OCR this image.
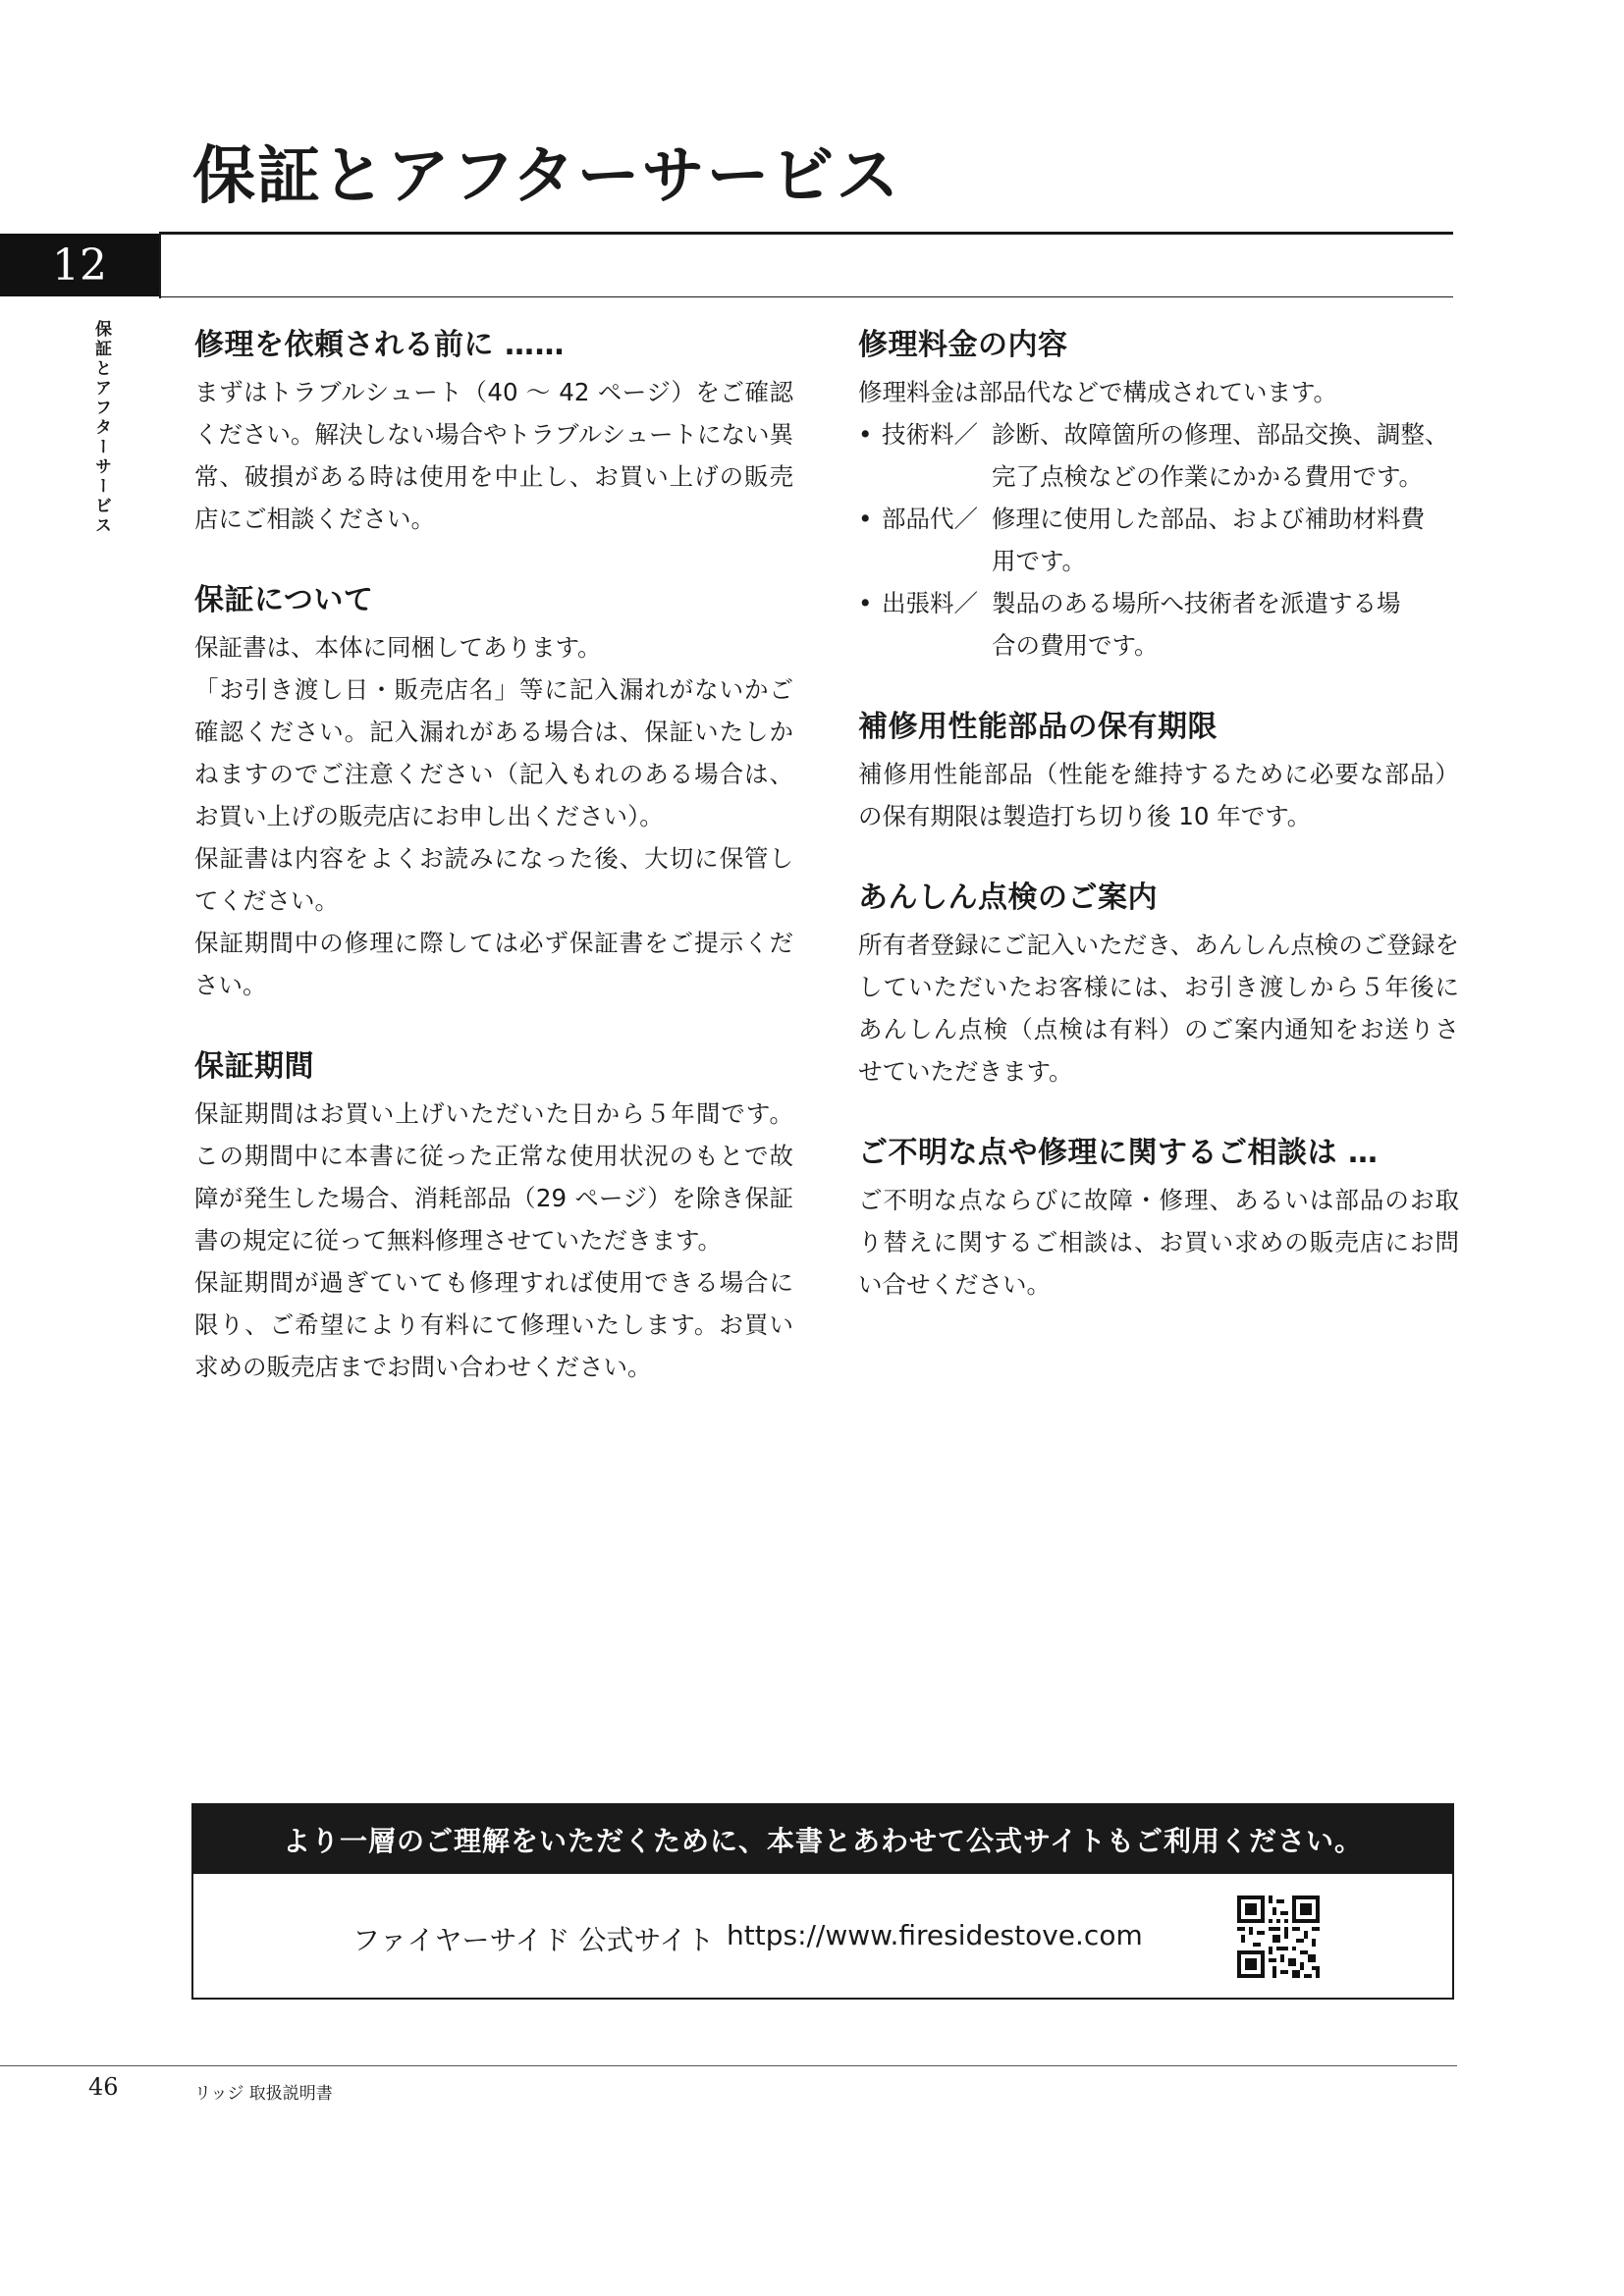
保証とアフターサービス
12
保証とアフターサービス	修理を依頼される前に ……

まずはトラブルシュート（40 ～ 42 ページ）をご確認ください。解決しない場合やトラブルシュートにない異常、破損がある時は使用を中止し、お買い上げの販売店にご相談ください。

保証について

保証書は、本体に同梱してあります。

「お引き渡し日・販売店名」等に記入漏れがないかご確認ください。記入漏れがある場合は、保証いたしかねますのでご注意ください（記入もれのある場合は、お買い上げの販売店にお申し出ください）。

保証書は内容をよくお読みになった後、大切に保管してください。

保証期間中の修理に際しては必ず保証書をご提示ください。

保証期間

保証期間はお買い上げいただいた日から５年間です。この期間中に本書に従った正常な使用状況のもとで故障が発生した場合、消耗部品（29 ページ）を除き保証書の規定に従って無料修理させていただきます。

保証期間が過ぎていても修理すれば使用できる場合に限り、ご希望により有料にて修理いたします。お買い求めの販売店までお問い合わせください。

修理料金の内容

修理料金は部品代などで構成されています。

• 技術料／ 診断、故障箇所の修理、部品交換、調整、
完了点検などの作業にかかる費用です。
• 部品代／ 修理に使用した部品、および補助材料費
用です。
• 出張料／ 製品のある場所へ技術者を派遣する場
合の費用です。
補修用性能部品の保有期限

補修用性能部品（性能を維持するために必要な部品）の保有期限は製造打ち切り後 10 年です。

あんしん点検のご案内

所有者登録にご記入いただき、あんしん点検のご登録をしていただいたお客様には、お引き渡しから５年後にあんしん点検（点検は有料）のご案内通知をお送りさせていただきます。

ご不明な点や修理に関するご相談は …

ご不明な点ならびに故障・修理、あるいは部品のお取り替えに関するご相談は、お買い求めの販売店にお問い合せください。

より一層のご理解をいただくために、本書とあわせて公式サイトもご利用ください。
ファイヤーサイド 公式サイト https://www.firesidestove.com
46	リッジ 取扱説明書
